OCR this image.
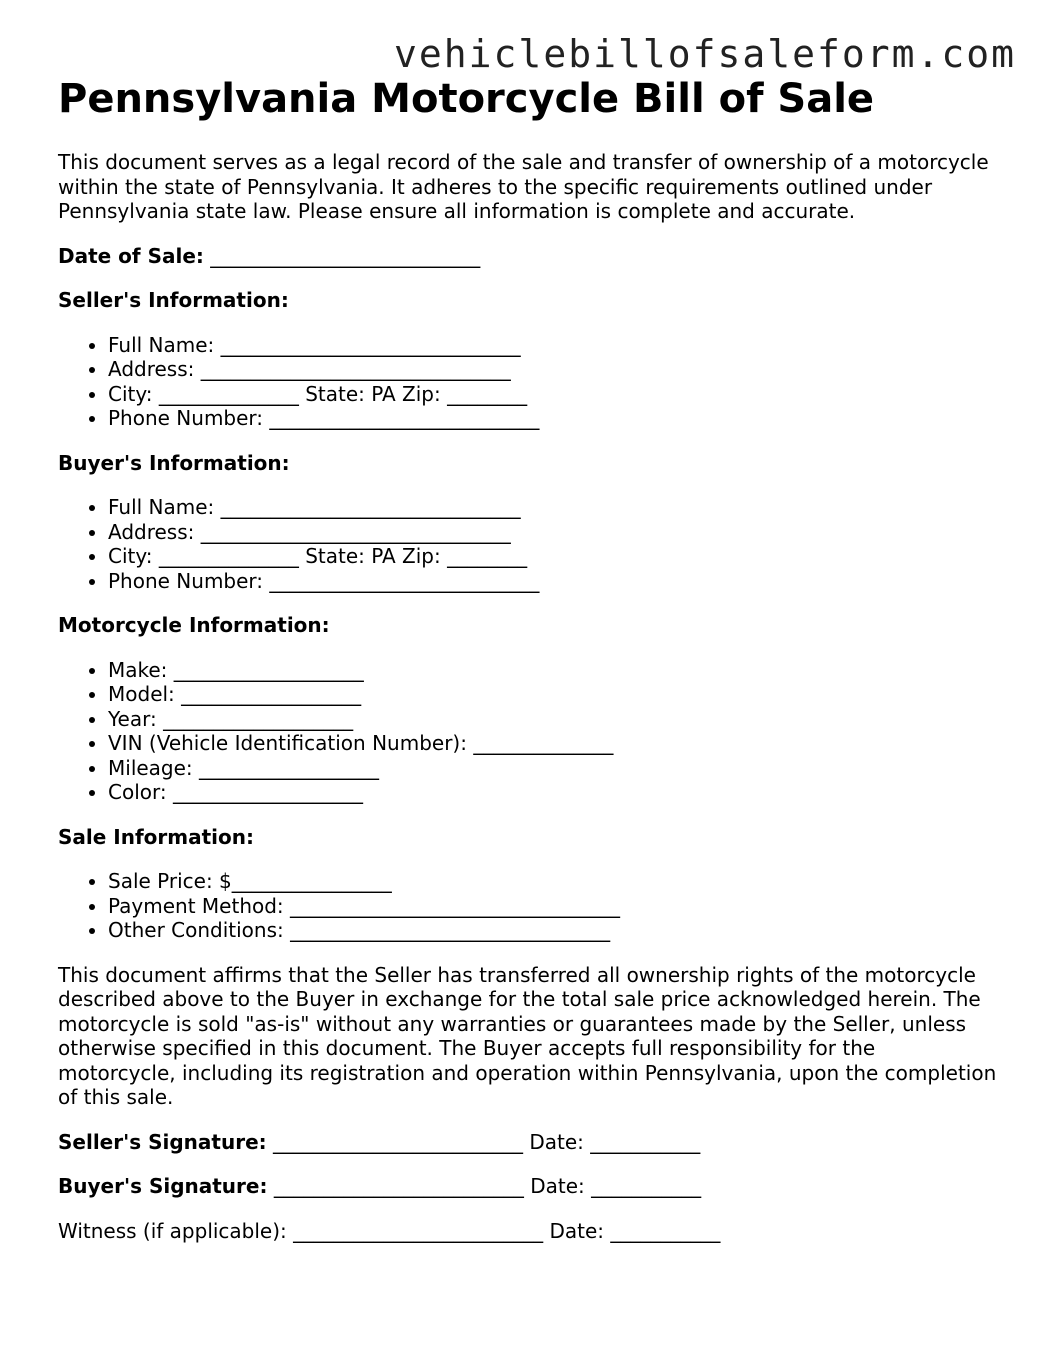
vehiclebillofsaleform.com
Pennsylvania Motorcycle Bill of Sale

This document serves as a legal record of the sale and transfer of ownership of a motorcycle within the state of Pennsylvania. It adheres to the specific requirements outlined under Pennsylvania state law. Please ensure all information is complete and accurate.

Date of Sale: ___________________________
Seller's Information:
• Full Name: ______________________________
• Address: _______________________________
• City: ______________ State: PA Zip: ________
• Phone Number: ___________________________
Buyer's Information:
• Full Name: ______________________________
• Address: _______________________________
• City: ______________ State: PA Zip: ________
• Phone Number: ___________________________
Motorcycle Information:
• Make: ___________________
• Model: __________________
• Year: ___________________
• VIN (Vehicle Identification Number): ______________
• Mileage: __________________
• Color: ___________________
Sale Information:
• Sale Price: $________________
• Payment Method: _________________________________
• Other Conditions: ________________________________

This document affirms that the Seller has transferred all ownership rights of the motorcycle described above to the Buyer in exchange for the total sale price acknowledged herein. The motorcycle is sold "as-is" without any warranties or guarantees made by the Seller, unless otherwise specified in this document. The Buyer accepts full responsibility for the motorcycle, including its registration and operation within Pennsylvania, upon the completion of this sale.

Seller's Signature: _________________________ Date: ___________
Buyer's Signature: _________________________ Date: ___________
Witness (if applicable): _________________________ Date: ___________
